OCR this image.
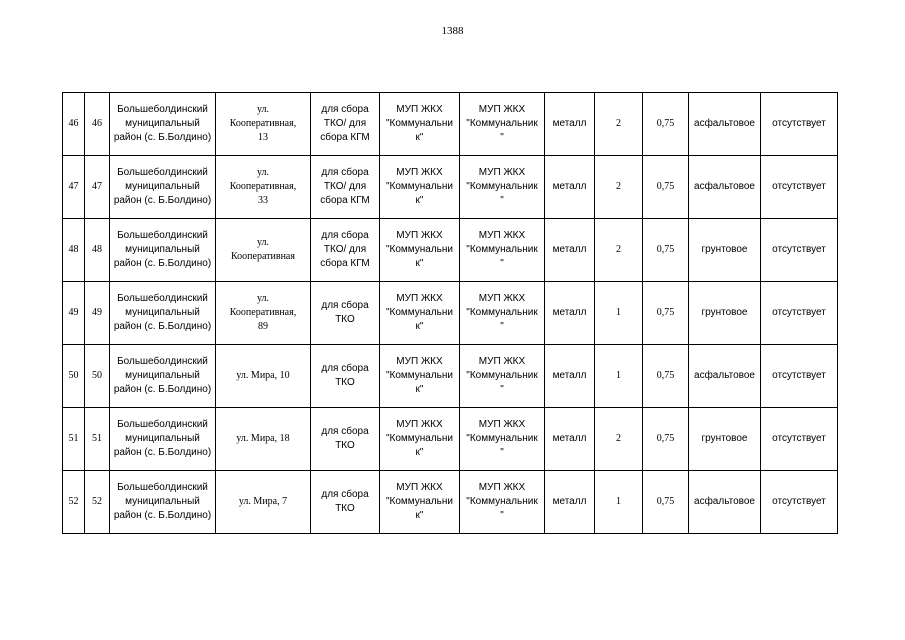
1388
46	46	Большеболдинский
муниципальный
район (с. Б.Болдино)	ул.
Кооперативная,
13	для сбора
ТКО/ для
сбора КГМ	МУП ЖКХ
"Коммунальни
к"	МУП ЖКХ
"Коммунальник
"	металл	2	0,75	асфальтовое	отсутствует
47	47	Большеболдинский
муниципальный
район (с. Б.Болдино)	ул.
Кооперативная,
33	для сбора
ТКО/ для
сбора КГМ	МУП ЖКХ
"Коммунальни
к"	МУП ЖКХ
"Коммунальник
"	металл	2	0,75	асфальтовое	отсутствует
48	48	Большеболдинский
муниципальный
район (с. Б.Болдино)	ул.
Кооперативная	для сбора
ТКО/ для
сбора КГМ	МУП ЖКХ
"Коммунальни
к"	МУП ЖКХ
"Коммунальник
"	металл	2	0,75	грунтовое	отсутствует
49	49	Большеболдинский
муниципальный
район (с. Б.Болдино)	ул.
Кооперативная,
89	для сбора
ТКО	МУП ЖКХ
"Коммунальни
к"	МУП ЖКХ
"Коммунальник
"	металл	1	0,75	грунтовое	отсутствует
50	50	Большеболдинский
муниципальный
район (с. Б.Болдино)	ул. Мира, 10	для сбора
ТКО	МУП ЖКХ
"Коммунальни
к"	МУП ЖКХ
"Коммунальник
"	металл	1	0,75	асфальтовое	отсутствует
51	51	Большеболдинский
муниципальный
район (с. Б.Болдино)	ул. Мира, 18	для сбора
ТКО	МУП ЖКХ
"Коммунальни
к"	МУП ЖКХ
"Коммунальник
"	металл	2	0,75	грунтовое	отсутствует
52	52	Большеболдинский
муниципальный
район (с. Б.Болдино)	ул. Мира, 7	для сбора
ТКО	МУП ЖКХ
"Коммунальни
к"	МУП ЖКХ
"Коммунальник
"	металл	1	0,75	асфальтовое	отсутствует
